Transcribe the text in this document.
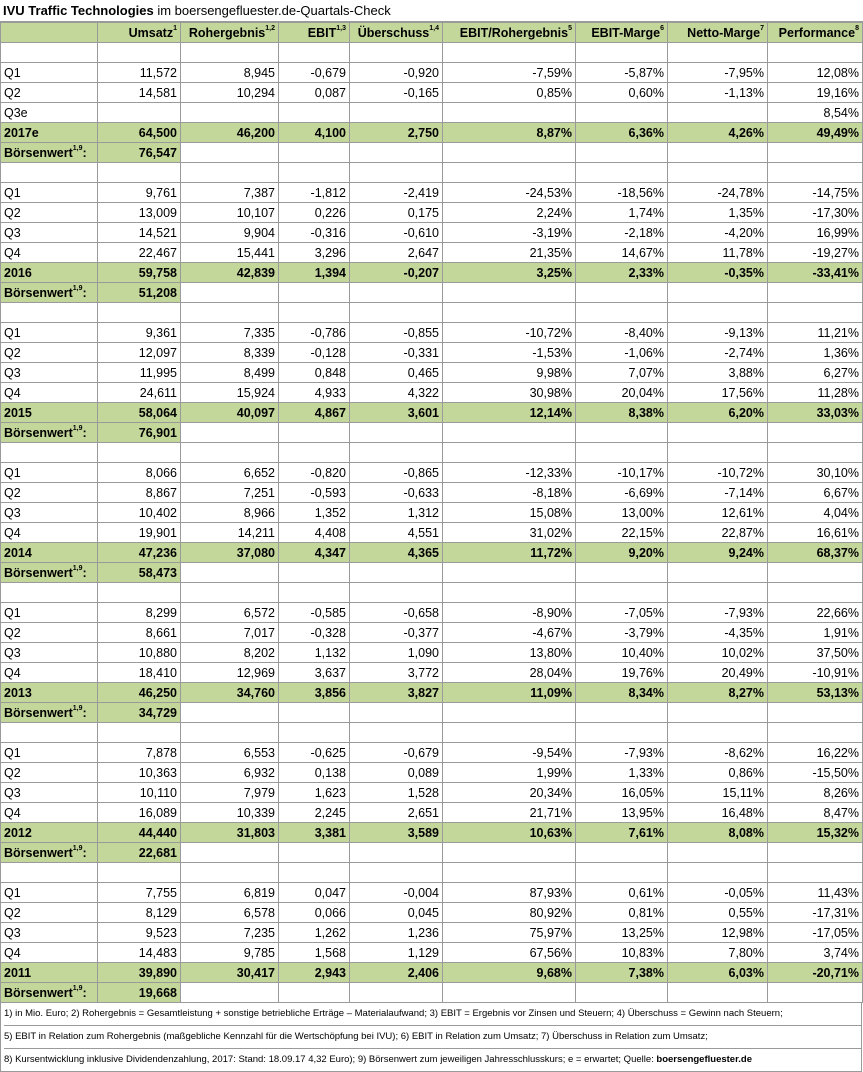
IVU Traffic Technologies im boersengefluester.de-Quartals-Check
	Umsatz$^1$	Rohergebnis$^{1,2}$	EBIT$^{1,3}$	Überschuss$^{1,4}$	EBIT/Rohergebnis$^5$	EBIT-Marge$^6$	Netto-Marge$^7$	Performance$^8$

Q1	11,572	8,945	-0,679	-0,920	-7,59%	-5,87%	-7,95%	12,08%
Q2	14,581	10,294	0,087	-0,165	0,85%	0,60%	-1,13%	19,16%
Q3e								8,54%
2017e	64,500	46,200	4,100	2,750	8,87%	6,36%	4,26%	49,49%
Börsenwert$^{1,9}$:	76,547							

Q1	9,761	7,387	-1,812	-2,419	-24,53%	-18,56%	-24,78%	-14,75%
Q2	13,009	10,107	0,226	0,175	2,24%	1,74%	1,35%	-17,30%
Q3	14,521	9,904	-0,316	-0,610	-3,19%	-2,18%	-4,20%	16,99%
Q4	22,467	15,441	3,296	2,647	21,35%	14,67%	11,78%	-19,27%
2016	59,758	42,839	1,394	-0,207	3,25%	2,33%	-0,35%	-33,41%
Börsenwert$^{1,9}$:	51,208							

Q1	9,361	7,335	-0,786	-0,855	-10,72%	-8,40%	-9,13%	11,21%
Q2	12,097	8,339	-0,128	-0,331	-1,53%	-1,06%	-2,74%	1,36%
Q3	11,995	8,499	0,848	0,465	9,98%	7,07%	3,88%	6,27%
Q4	24,611	15,924	4,933	4,322	30,98%	20,04%	17,56%	11,28%
2015	58,064	40,097	4,867	3,601	12,14%	8,38%	6,20%	33,03%
Börsenwert$^{1,9}$:	76,901							

Q1	8,066	6,652	-0,820	-0,865	-12,33%	-10,17%	-10,72%	30,10%
Q2	8,867	7,251	-0,593	-0,633	-8,18%	-6,69%	-7,14%	6,67%
Q3	10,402	8,966	1,352	1,312	15,08%	13,00%	12,61%	4,04%
Q4	19,901	14,211	4,408	4,551	31,02%	22,15%	22,87%	16,61%
2014	47,236	37,080	4,347	4,365	11,72%	9,20%	9,24%	68,37%
Börsenwert$^{1,9}$:	58,473							

Q1	8,299	6,572	-0,585	-0,658	-8,90%	-7,05%	-7,93%	22,66%
Q2	8,661	7,017	-0,328	-0,377	-4,67%	-3,79%	-4,35%	1,91%
Q3	10,880	8,202	1,132	1,090	13,80%	10,40%	10,02%	37,50%
Q4	18,410	12,969	3,637	3,772	28,04%	19,76%	20,49%	-10,91%
2013	46,250	34,760	3,856	3,827	11,09%	8,34%	8,27%	53,13%
Börsenwert$^{1,9}$:	34,729							

Q1	7,878	6,553	-0,625	-0,679	-9,54%	-7,93%	-8,62%	16,22%
Q2	10,363	6,932	0,138	0,089	1,99%	1,33%	0,86%	-15,50%
Q3	10,110	7,979	1,623	1,528	20,34%	16,05%	15,11%	8,26%
Q4	16,089	10,339	2,245	2,651	21,71%	13,95%	16,48%	8,47%
2012	44,440	31,803	3,381	3,589	10,63%	7,61%	8,08%	15,32%
Börsenwert$^{1,9}$:	22,681							

Q1	7,755	6,819	0,047	-0,004	87,93%	0,61%	-0,05%	11,43%
Q2	8,129	6,578	0,066	0,045	80,92%	0,81%	0,55%	-17,31%
Q3	9,523	7,235	1,262	1,236	75,97%	13,25%	12,98%	-17,05%
Q4	14,483	9,785	1,568	1,129	67,56%	10,83%	7,80%	3,74%
2011	39,890	30,417	2,943	2,406	9,68%	7,38%	6,03%	-20,71%
Börsenwert$^{1,9}$:	19,668							
1) in Mio. Euro; 2) Rohergebnis = Gesamtleistung + sonstige betriebliche Erträge – Materialaufwand; 3) EBIT = Ergebnis vor Zinsen und Steuern; 4) Überschuss = Gewinn nach Steuern;
5) EBIT in Relation zum Rohergebnis (maßgebliche Kennzahl für die Wertschöpfung bei IVU); 6) EBIT in Relation zum Umsatz; 7) Überschuss in Relation zum Umsatz;
8) Kursentwicklung inklusive Dividendenzahlung, 2017: Stand: 18.09.17 4,32 Euro); 9) Börsenwert zum jeweiligen Jahresschlusskurs; e = erwartet; Quelle: boersengefluester.de
